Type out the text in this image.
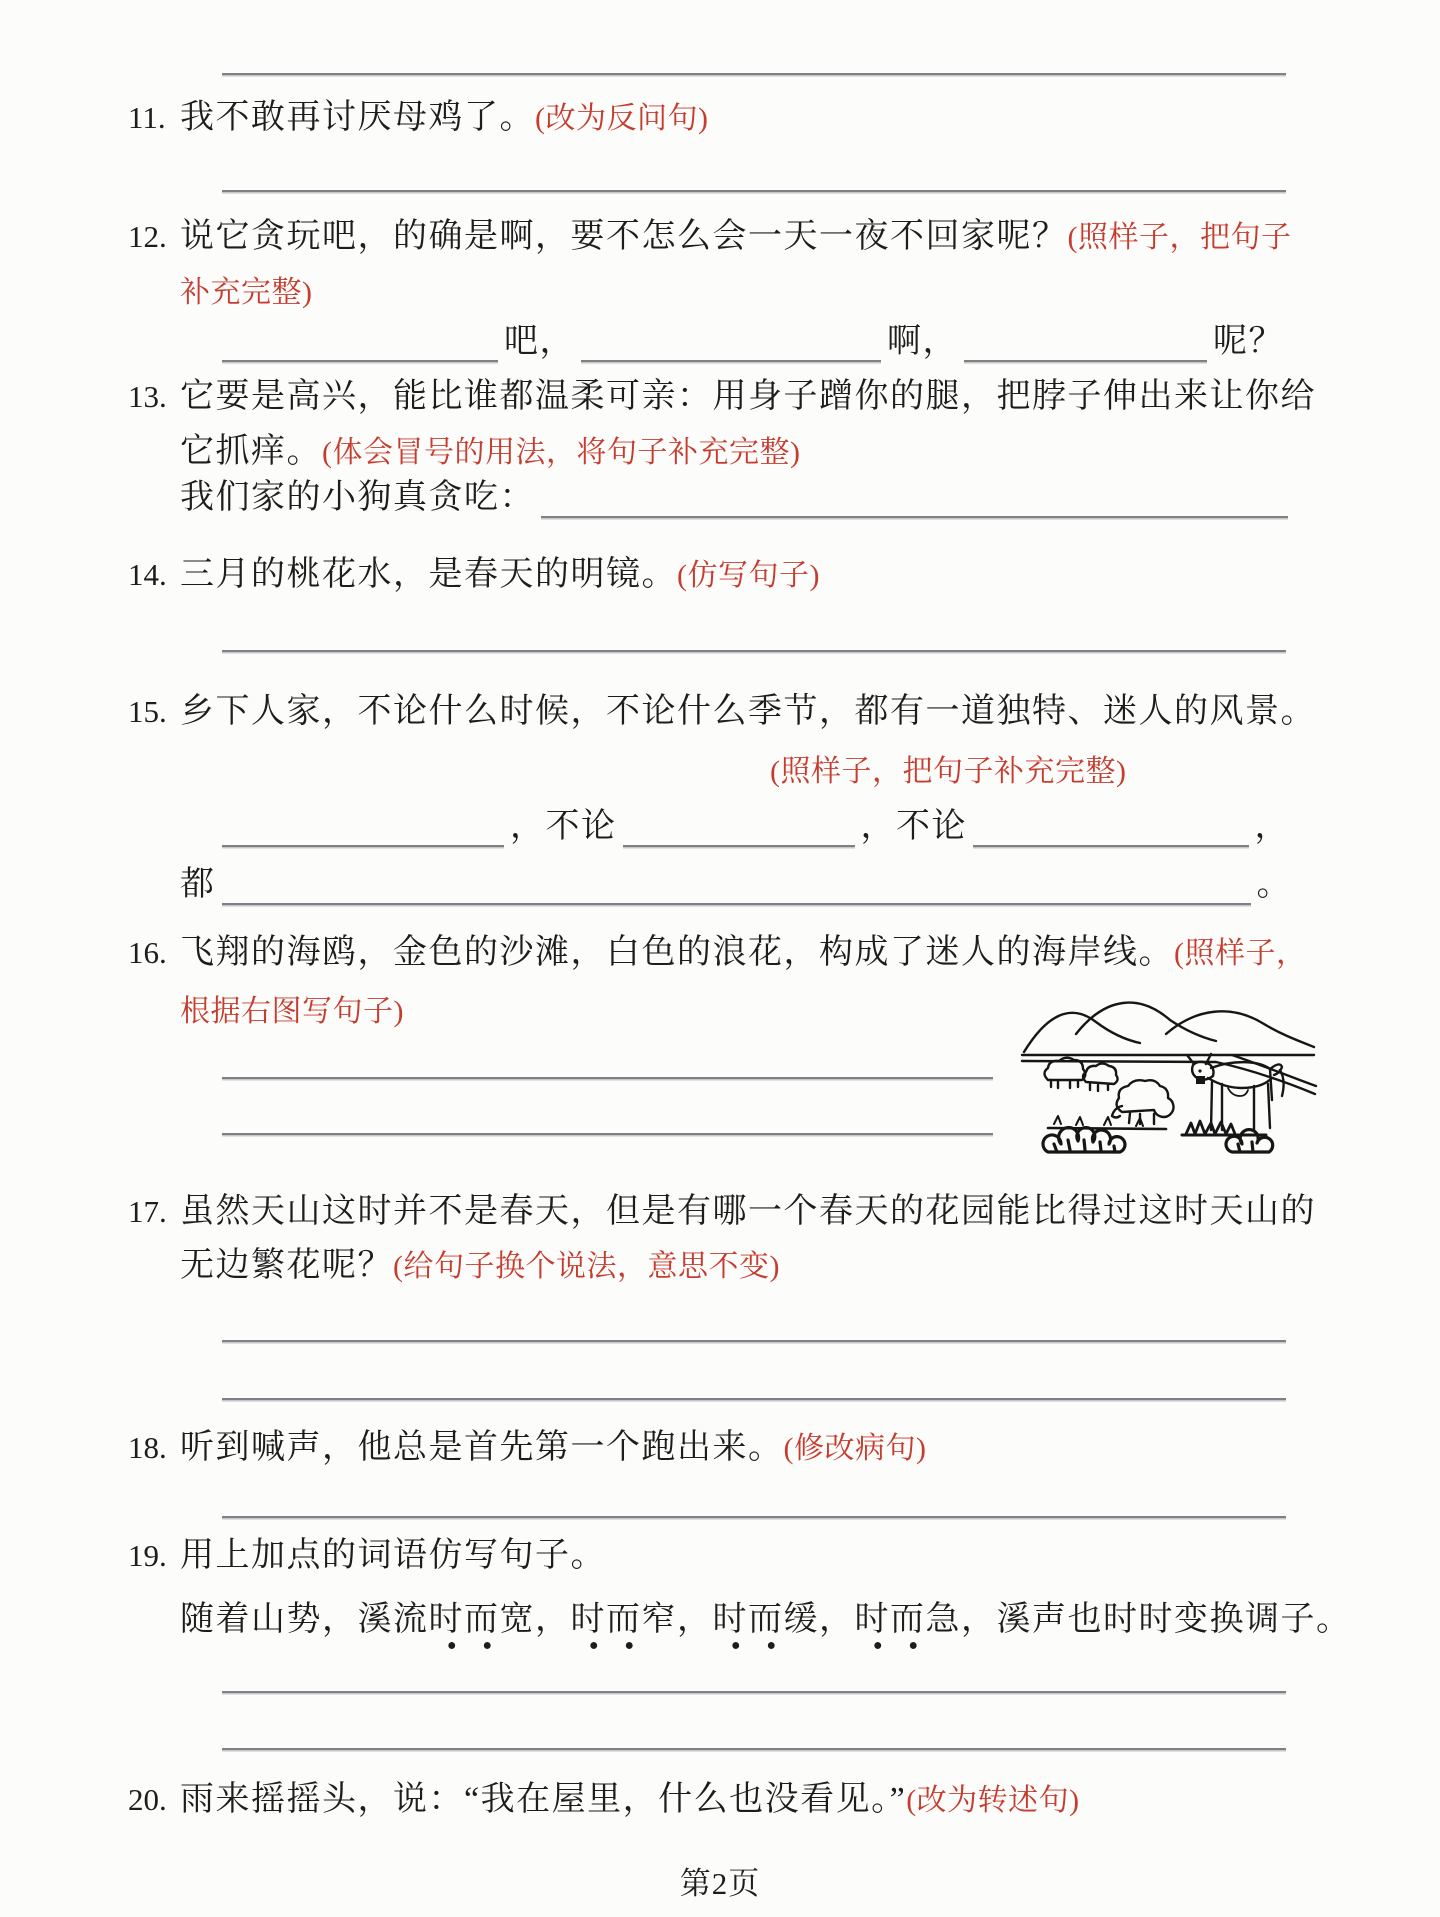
11. 我不敢再讨厌母鸡了。(改为反问句)
12. 说它贪玩吧，的确是啊，要不怎么会一天一夜不回家呢？(照样子，把句子
补充完整)
吧，	啊，	呢？
13. 它要是高兴，能比谁都温柔可亲：用身子蹭你的腿，把脖子伸出来让你给
它抓痒。(体会冒号的用法，将句子补充完整)
我们家的小狗真贪吃：
14. 三月的桃花水，是春天的明镜。(仿写句子)
15. 乡下人家，不论什么时候，不论什么季节，都有一道独特、迷人的风景。
(照样子，把句子补充完整)
，不论	，不论	，
都	。
16. 飞翔的海鸥，金色的沙滩，白色的浪花，构成了迷人的海岸线。(照样子，
根据右图写句子)
17. 虽然天山这时并不是春天，但是有哪一个春天的花园能比得过这时天山的
无边繁花呢？(给句子换个说法，意思不变)
18. 听到喊声，他总是首先第一个跑出来。(修改病句)
19. 用上加点的词语仿写句子。
随着山势，溪流时而宽，时而窄，时而缓，时而急，溪声也时时变换调子。
20. 雨来摇摇头，说：“我在屋里，什么也没看见。”(改为转述句)
第2页
